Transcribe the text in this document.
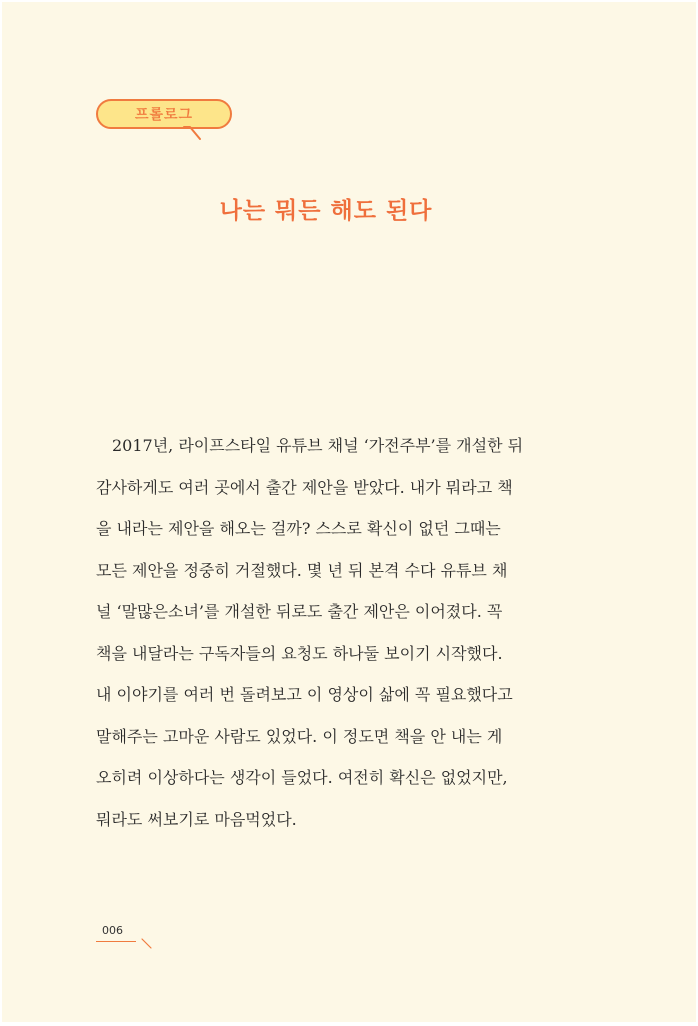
프롤로그
나는 뭐든 해도 된다

2017년, 라이프스타일 유튜브 채널 ‘가전주부’를 개설한 뒤
감사하게도 여러 곳에서 출간 제안을 받았다. 내가 뭐라고 책
을 내라는 제안을 해오는 걸까? 스스로 확신이 없던 그때는
모든 제안을 정중히 거절했다. 몇 년 뒤 본격 수다 유튜브 채
널 ‘말많은소녀’를 개설한 뒤로도 출간 제안은 이어졌다. 꼭
책을 내달라는 구독자들의 요청도 하나둘 보이기 시작했다.
내 이야기를 여러 번 돌려보고 이 영상이 삶에 꼭 필요했다고
말해주는 고마운 사람도 있었다. 이 정도면 책을 안 내는 게
오히려 이상하다는 생각이 들었다. 여전히 확신은 없었지만,
뭐라도 써보기로 마음먹었다.

006
